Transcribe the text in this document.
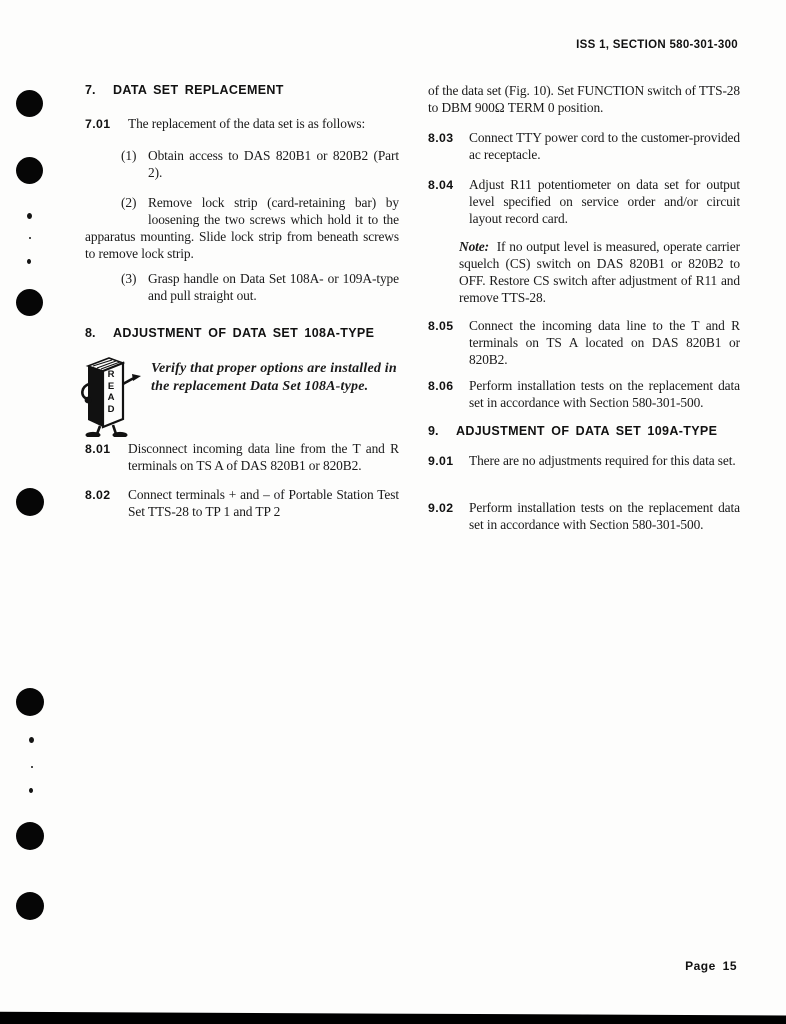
ISS 1, SECTION 580-301-300
7. DATA SET REPLACEMENT

7.01	The replacement of the data set is as follows:

(1) Obtain access to DAS 820B1 or 820B2 (Part 2).

(2) Remove lock strip (card-retaining bar) by loosening the two screws which hold it to the apparatus mounting. Slide lock strip from beneath screws to remove lock strip.

(3) Grasp handle on Data Set 108A- or 109A-type and pull straight out.

8. ADJUSTMENT OF DATA SET 108A-TYPE
READ
Verify that proper options are installed in the replacement Data Set 108A-type.

8.01	Disconnect incoming data line from the T and R terminals on TS A of DAS 820B1 or 820B2.

8.02	Connect terminals + and – of Portable Station Test Set TTS-28 to TP 1 and TP 2

of the data set (Fig. 10). Set FUNCTION switch of TTS-28 to DBM 900Ω TERM 0 position.

8.03	Connect TTY power cord to the customer-provided ac receptacle.

8.04	Adjust R11 potentiometer on data set for output level specified on service order and/or circuit layout record card.

Note: If no output level is measured, operate carrier squelch (CS) switch on DAS 820B1 or 820B2 to OFF. Restore CS switch after adjustment of R11 and remove TTS-28.

8.05	Connect the incoming data line to the T and R terminals on TS A located on DAS 820B1 or 820B2.

8.06	Perform installation tests on the replacement data set in accordance with Section 580-301-500.

9. ADJUSTMENT OF DATA SET 109A-TYPE

9.01	There are no adjustments required for this data set.

9.02	Perform installation tests on the replacement data set in accordance with Section 580-301-500.

Page 15
